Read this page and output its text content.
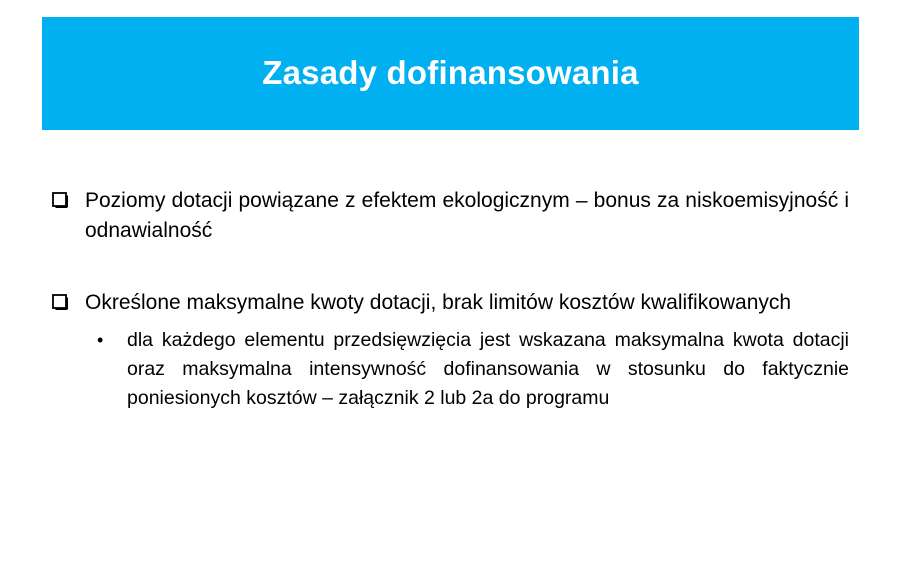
Zasady dofinansowania
Poziomy dotacji powiązane z efektem ekologicznym – bonus za niskoemisyjność i odnawialność
Określone maksymalne kwoty dotacji, brak limitów kosztów kwalifikowanych
• dla każdego elementu przedsięwzięcia jest wskazana maksymalna kwota dotacji oraz maksymalna intensywność dofinansowania w stosunku do faktycznie poniesionych kosztów – załącznik 2 lub 2a do programu
